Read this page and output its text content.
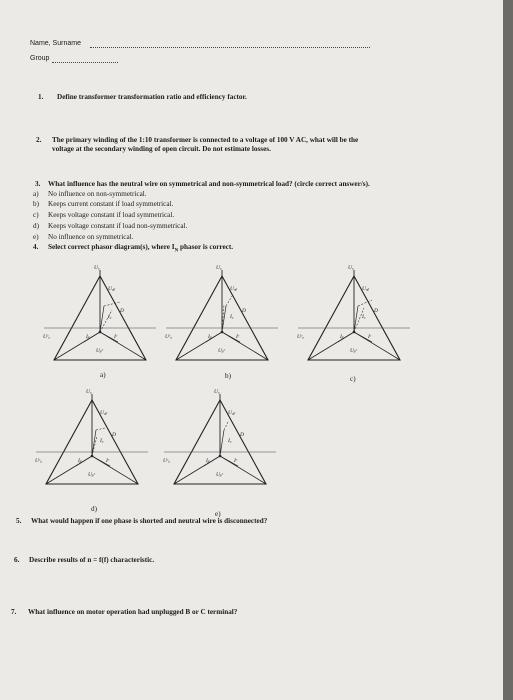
Name, Surname
Group
1. Define transformer transformation ratio and efficiency factor.
2. The primary winding of the 1:10 transformer is connected to a voltage of 100 V AC, what will be the
voltage at the secondary winding of open circuit. Do not estimate losses.
3. What influence has the neutral wire on symmetrical and non-symmetrical load? (circle correct answer/s).
a) No influence on non-symmetrical.
b) Keeps current constant if load symmetrical.
c) Keeps voltage constant if load symmetrical.
d) Keeps voltage constant if load non-symmetrical.
e) No influence on symmetrical.
4. Select correct phasor diagram(s), where $I_N$ phasor is correct.
Uₐ
Uₐᵦ
Uᵦᶜ
Uᶜₐ
Iₐ
Iᵦ	Iᶜ
D
Uₐ
Uₐᵦ
Uᵦᶜ
Uᶜₐ
Iₐ
Iᵦ	Iᶜ
D
Uₐ
Uₐᵦ
Uᵦᶜ
Uᶜₐ
Iₐ
Iᵦ	Iᶜ
D
Uₐ
Uₐᵦ
Uᵦᶜ
Uᶜₐ
Iₐ
Iᵦ	Iᶜ
D
Uₐ
Uₐᵦ
Uᵦᶜ
Uᶜₐ
Iₐ
Iᵦ	Iᶜ
D
a)	b)	c)
d)
e)
5. What would happen if one phase is shorted and neutral wire is disconnected?
6. Describe results of n = f(f) characteristic.
7. What influence on motor operation had unplugged B or C terminal?
